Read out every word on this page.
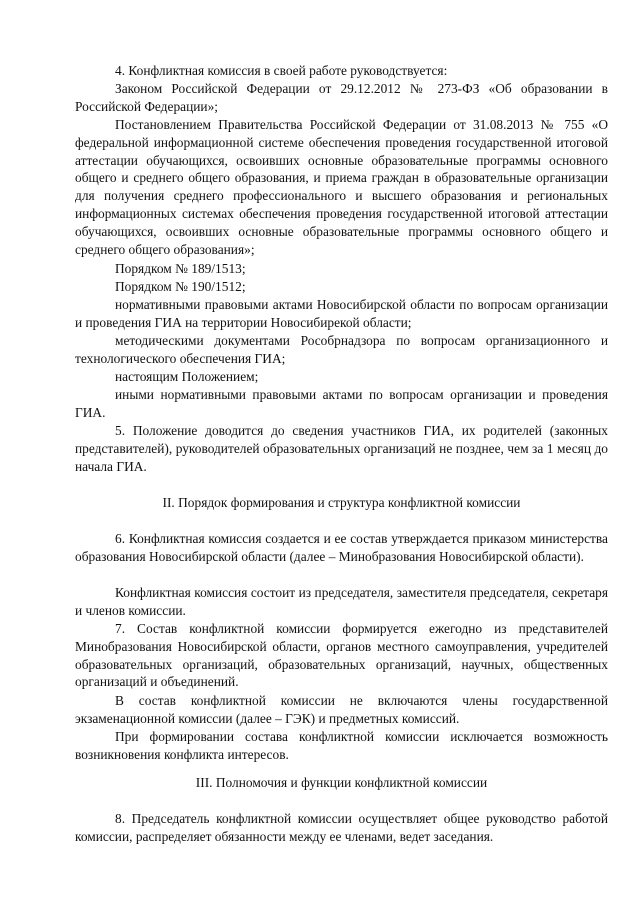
4. Конфликтная комиссия в своей работе руководствуется:

Законом Российской Федерации от 29.12.2012 № 273-ФЗ «Об образовании в Российской Федерации»;

Постановлением Правительства Российской Федерации от 31.08.2013 № 755 «О федеральной информационной системе обеспечения проведения государственной итоговой аттестации обучающихся, освоивших основные образовательные программы основного общего и среднего общего образования, и приема граждан в образовательные организации для получения среднего профессионального и высшего образования и региональных информационных системах обеспечения проведения государственной итоговой аттестации обучающихся, освоивших основные образовательные программы основного общего и среднего общего образования»;

Порядком № 189/1513;

Порядком № 190/1512;

нормативными правовыми актами Новосибирской области по вопросам организации и проведения ГИА на территории Новосибирекой области;

методическими документами Рособрнадзора по вопросам организационного и технологического обеспечения ГИА;

настоящим Положением;

иными нормативными правовыми актами по вопросам организации и проведения ГИА.

5. Положение доводится до сведения участников ГИА, их родителей (законных представителей), руководителей образовательных организаций не позднее, чем за 1 месяц до начала ГИА.

II. Порядок формирования и структура конфликтной комиссии

6. Конфликтная комиссия создается и ее состав утверждается приказом министерства образования Новосибирской области (далее – Минобразования Новосибирской области).

Конфликтная комиссия состоит из председателя, заместителя председателя, секретаря и членов комиссии.

7. Состав конфликтной комиссии формируется ежегодно из представителей Минобразования Новосибирской области, органов местного самоуправления, учредителей образовательных организаций, образовательных организаций, научных, общественных организаций и объединений.

В состав конфликтной комиссии не включаются члены государственной экзаменационной комиссии (далее – ГЭК) и предметных комиссий.

При формировании состава конфликтной комиссии исключается возможность возникновения конфликта интересов.

III. Полномочия и функции конфликтной комиссии

8. Председатель конфликтной комиссии осуществляет общее руководство работой комиссии, распределяет обязанности между ее членами, ведет заседания.
